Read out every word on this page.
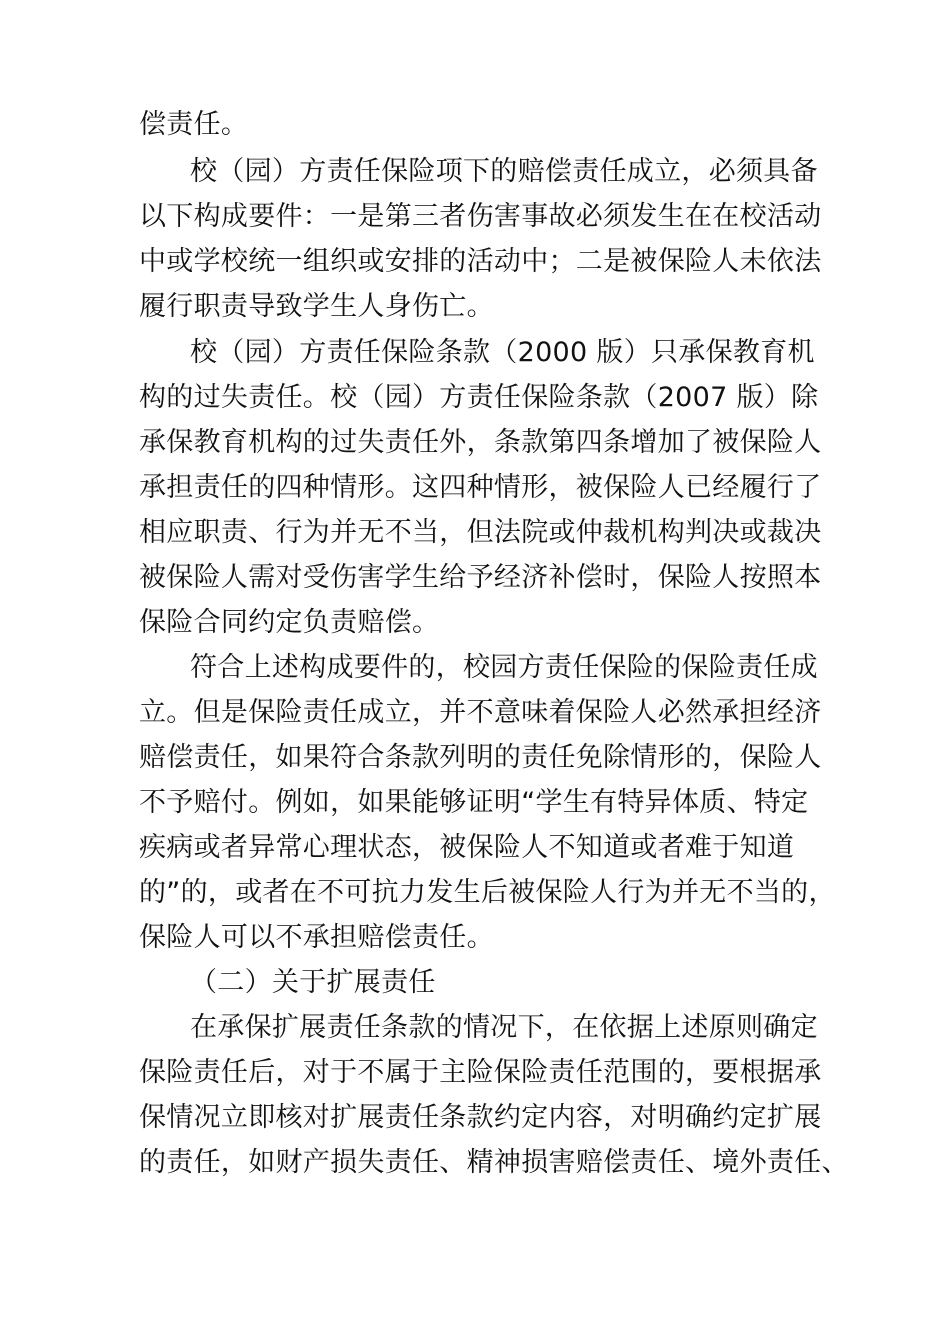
偿责任。
校（园）方责任保险项下的赔偿责任成立，必须具备
以下构成要件：一是第三者伤害事故必须发生在在校活动
中或学校统一组织或安排的活动中；二是被保险人未依法
履行职责导致学生人身伤亡。
校（园）方责任保险条款（2000 版）只承保教育机
构的过失责任。校（园）方责任保险条款（2007 版）除
承保教育机构的过失责任外，条款第四条增加了被保险人
承担责任的四种情形。这四种情形，被保险人已经履行了
相应职责、行为并无不当，但法院或仲裁机构判决或裁决
被保险人需对受伤害学生给予经济补偿时，保险人按照本
保险合同约定负责赔偿。
符合上述构成要件的，校园方责任保险的保险责任成
立。但是保险责任成立，并不意味着保险人必然承担经济
赔偿责任，如果符合条款列明的责任免除情形的，保险人
不予赔付。例如，如果能够证明“学生有特异体质、特定
疾病或者异常心理状态，被保险人不知道或者难于知道
的”的，或者在不可抗力发生后被保险人行为并无不当的，
保险人可以不承担赔偿责任。
（二）关于扩展责任
在承保扩展责任条款的情况下，在依据上述原则确定
保险责任后，对于不属于主险保险责任范围的，要根据承
保情况立即核对扩展责任条款约定内容，对明确约定扩展
的责任，如财产损失责任、精神损害赔偿责任、境外责任、
